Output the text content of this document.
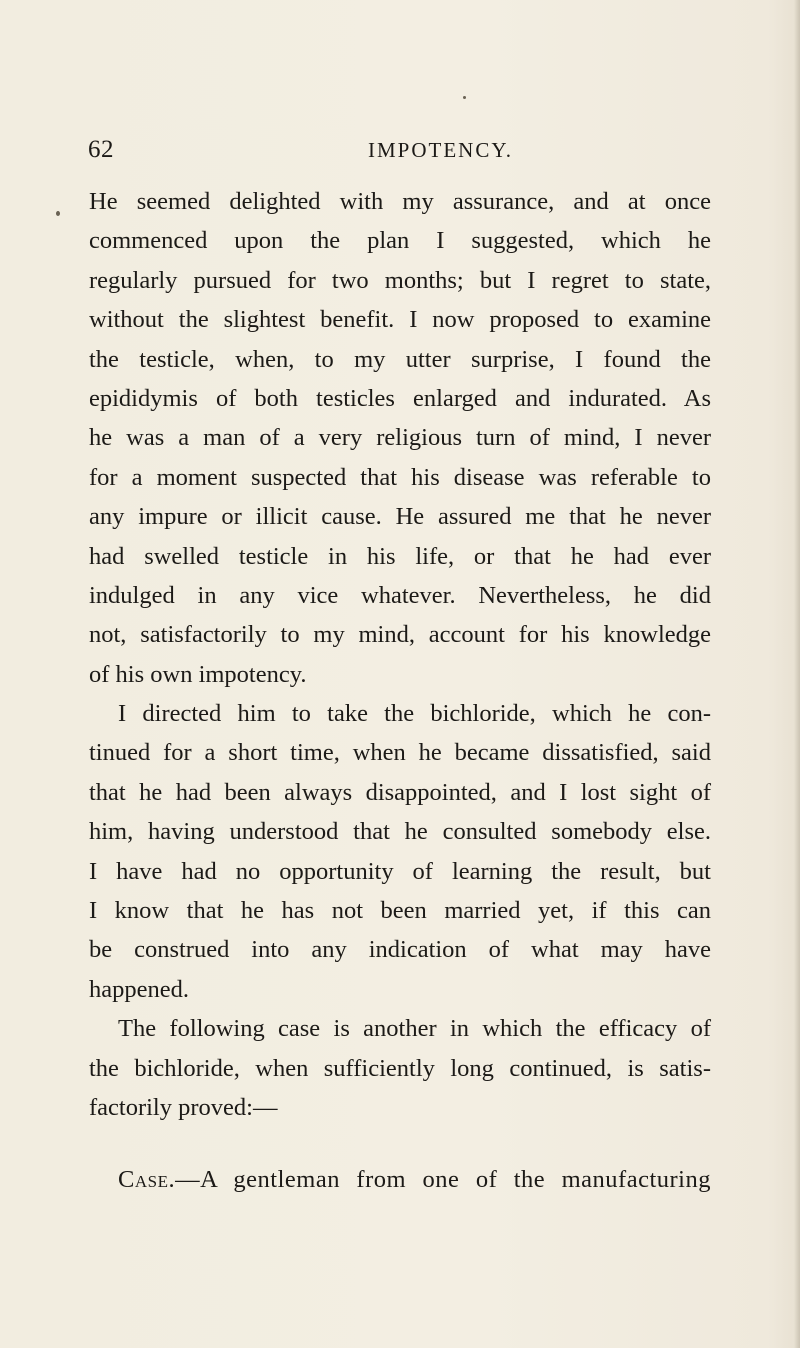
62	IMPOTENCY.
He seemed delighted with my assurance, and at once
commenced upon the plan I suggested, which he
regularly pursued for two months; but I regret to state,
without the slightest benefit. I now proposed to examine
the testicle, when, to my utter surprise, I found the
epididymis of both testicles enlarged and indurated. As
he was a man of a very religious turn of mind, I never
for a moment suspected that his disease was referable to
any impure or illicit cause. He assured me that he never
had swelled testicle in his life, or that he had ever
indulged in any vice whatever. Nevertheless, he did
not, satisfactorily to my mind, account for his knowledge
of his own impotency.
I directed him to take the bichloride, which he con-
tinued for a short time, when he became dissatisfied, said
that he had been always disappointed, and I lost sight of
him, having understood that he consulted somebody else.
I have had no opportunity of learning the result, but
I know that he has not been married yet, if this can
be construed into any indication of what may have
happened.
The following case is another in which the efficacy of
the bichloride, when sufficiently long continued, is satis-
factorily proved:—
Case.—A gentleman from one of the manufacturing
